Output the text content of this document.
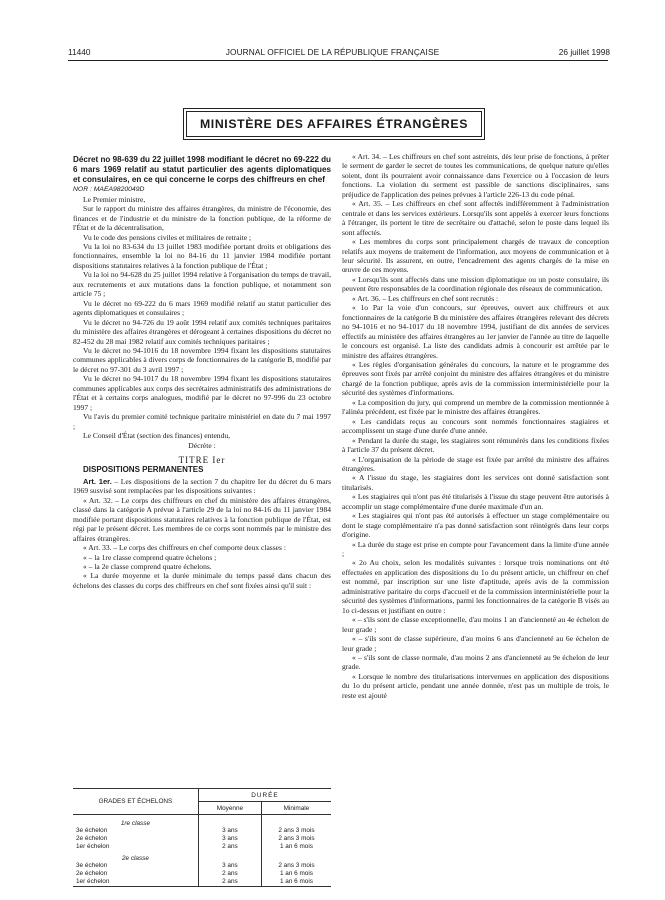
11440	JOURNAL OFFICIEL DE LA RÉPUBLIQUE FRANÇAISE	26 juillet 1998
MINISTÈRE DES AFFAIRES ÉTRANGÈRES

Décret no 98-639 du 22 juillet 1998 modifiant le décret no 69-222 du 6 mars 1969 relatif au statut particulier des agents diplomatiques et consulaires, en ce qui concerne le corps des chiffreurs en chef

NOR : MAEA9820049D

Le Premier ministre,

Sur le rapport du ministre des affaires étrangères, du ministre de l'économie, des finances et de l'industrie et du ministre de la fonction publique, de la réforme de l'État et de la décentralisation,

Vu le code des pensions civiles et militaires de retraite ;

Vu la loi no 83-634 du 13 juillet 1983 modifiée portant droits et obligations des fonctionnaires, ensemble la loi no 84-16 du 11 janvier 1984 modifiée portant dispositions statutaires relatives à la fonction publique de l'État ;

Vu la loi no 94-628 du 25 juillet 1994 relative à l'organisation du temps de travail, aux recrutements et aux mutations dans la fonction publique, et notamment son article 75 ;

Vu le décret no 69-222 du 6 mars 1969 modifié relatif au statut particulier des agents diplomatiques et consulaires ;

Vu le décret no 94-726 du 19 août 1994 relatif aux comités techniques paritaires du ministère des affaires étrangères et dérogeant à certaines dispositions du décret no 82-452 du 28 mai 1982 relatif aux comités techniques paritaires ;

Vu le décret no 94-1016 du 18 novembre 1994 fixant les dispositions statutaires communes applicables à divers corps de fonctionnaires de la catégorie B, modifié par le décret no 97-301 du 3 avril 1997 ;

Vu le décret no 94-1017 du 18 novembre 1994 fixant les dispositions statutaires communes applicables aux corps des secrétaires administratifs des administrations de l'État et à certains corps analogues, modifié par le décret no 97-996 du 23 octobre 1997 ;

Vu l'avis du premier comité technique paritaire ministériel en date du 7 mai 1997 ;

Le Conseil d'État (section des finances) entendu,

Décrète :

TITRE Ier

DISPOSITIONS PERMANENTES

Art. 1er. – Les dispositions de la section 7 du chapitre Ier du décret du 6 mars 1969 susvisé sont remplacées par les dispositions suivantes :

« Art. 32. – Le corps des chiffreurs en chef du ministère des affaires étrangères, classé dans la catégorie A prévue à l'article 29 de la loi no 84-16 du 11 janvier 1984 modifiée portant dispositions statutaires relatives à la fonction publique de l'État, est régi par le présent décret. Les membres de ce corps sont nommés par le ministre des affaires étrangères.

« Art. 33. – Le corps des chiffreurs en chef comporte deux classes :

« – la 1re classe comprend quatre échelons ;

« – la 2e classe comprend quatre échelons.

« La durée moyenne et la durée minimale du temps passé dans chacun des échelons des classes du corps des chiffreurs en chef sont fixées ainsi qu'il suit :

GRADES ET ÉCHELONS	DURÉE	
	Moyenne	Minimale
1re classe		
3e échelon	3 ans	2 ans 3 mois
2e échelon	3 ans	2 ans 3 mois
1er échelon	2 ans	1 an 6 mois
2e classe		
3e échelon	3 ans	2 ans 3 mois
2e échelon	2 ans	1 an 6 mois
1er échelon	2 ans	1 an 6 mois

« Art. 34. – Les chiffreurs en chef sont astreints, dès leur prise de fonctions, à prêter le serment de garder le secret de toutes les communications, de quelque nature qu'elles soient, dont ils pourraient avoir connaissance dans l'exercice ou à l'occasion de leurs fonctions. La violation du serment est passible de sanctions disciplinaires, sans préjudice de l'application des peines prévues à l'article 226-13 du code pénal.

« Art. 35. – Les chiffreurs en chef sont affectés indifféremment à l'administration centrale et dans les services extérieurs. Lorsqu'ils sont appelés à exercer leurs fonctions à l'étranger, ils portent le titre de secrétaire ou d'attaché, selon le poste dans lequel ils sont affectés.

« Les membres du corps sont principalement chargés de travaux de conception relatifs aux moyens de traitement de l'information, aux moyens de communication et à leur sécurité. Ils assurent, en outre, l'encadrement des agents chargés de la mise en œuvre de ces moyens.

« Lorsqu'ils sont affectés dans une mission diplomatique ou un poste consulaire, ils peuvent être responsables de la coordination régionale des réseaux de communication.

« Art. 36. – Les chiffreurs en chef sont recrutés :

« 1o Par la voie d'un concours, sur épreuves, ouvert aux chiffreurs et aux fonctionnaires de la catégorie B du ministère des affaires étrangères relevant des décrets no 94-1016 et no 94-1017 du 18 novembre 1994, justifiant de dix années de services effectifs au ministère des affaires étrangères au 1er janvier de l'année au titre de laquelle le concours est organisé. La liste des candidats admis à concourir est arrêtée par le ministre des affaires étrangères.

« Les règles d'organisation générales du concours, la nature et le programme des épreuves sont fixés par arrêté conjoint du ministre des affaires étrangères et du ministre chargé de la fonction publique, après avis de la commission interministérielle pour la sécurité des systèmes d'informations.

« La composition du jury, qui comprend un membre de la commission mentionnée à l'alinéa précédent, est fixée par le ministre des affaires étrangères.

« Les candidats reçus au concours sont nommés fonctionnaires stagiaires et accomplissent un stage d'une durée d'une année.

« Pendant la durée du stage, les stagiaires sont rémunérés dans les conditions fixées à l'article 37 du présent décret.

« L'organisation de la période de stage est fixée par arrêté du ministre des affaires étrangères.

« A l'issue du stage, les stagiaires dont les services ont donné satisfaction sont titularisés.

« Les stagiaires qui n'ont pas été titularisés à l'issue du stage peuvent être autorisés à accomplir un stage complémentaire d'une durée maximale d'un an.

« Les stagiaires qui n'ont pas été autorisés à effectuer un stage complémentaire ou dont le stage complémentaire n'a pas donné satisfaction sont réintégrés dans leur corps d'origine.

« La durée du stage est prise en compte pour l'avancement dans la limite d'une année ;

« 2o Au choix, selon les modalités suivantes : lorsque trois nominations ont été effectuées en application des dispositions du 1o du présent article, un chiffreur en chef est nommé, par inscription sur une liste d'aptitude, après avis de la commission administrative paritaire du corps d'accueil et de la commission interministérielle pour la sécurité des systèmes d'informations, parmi les fonctionnaires de la catégorie B visés au 1o ci-dessus et justifiant en outre :

« – s'ils sont de classe exceptionnelle, d'au moins 1 an d'ancienneté au 4e échelon de leur grade ;

« – s'ils sont de classe supérieure, d'au moins 6 ans d'ancienneté au 6e échelon de leur grade ;

« – s'ils sont de classe normale, d'au moins 2 ans d'ancienneté au 9e échelon de leur grade.

« Lorsque le nombre des titularisations intervenues en application des dispositions du 1o du présent article, pendant une année donnée, n'est pas un multiple de trois, le reste est ajouté
